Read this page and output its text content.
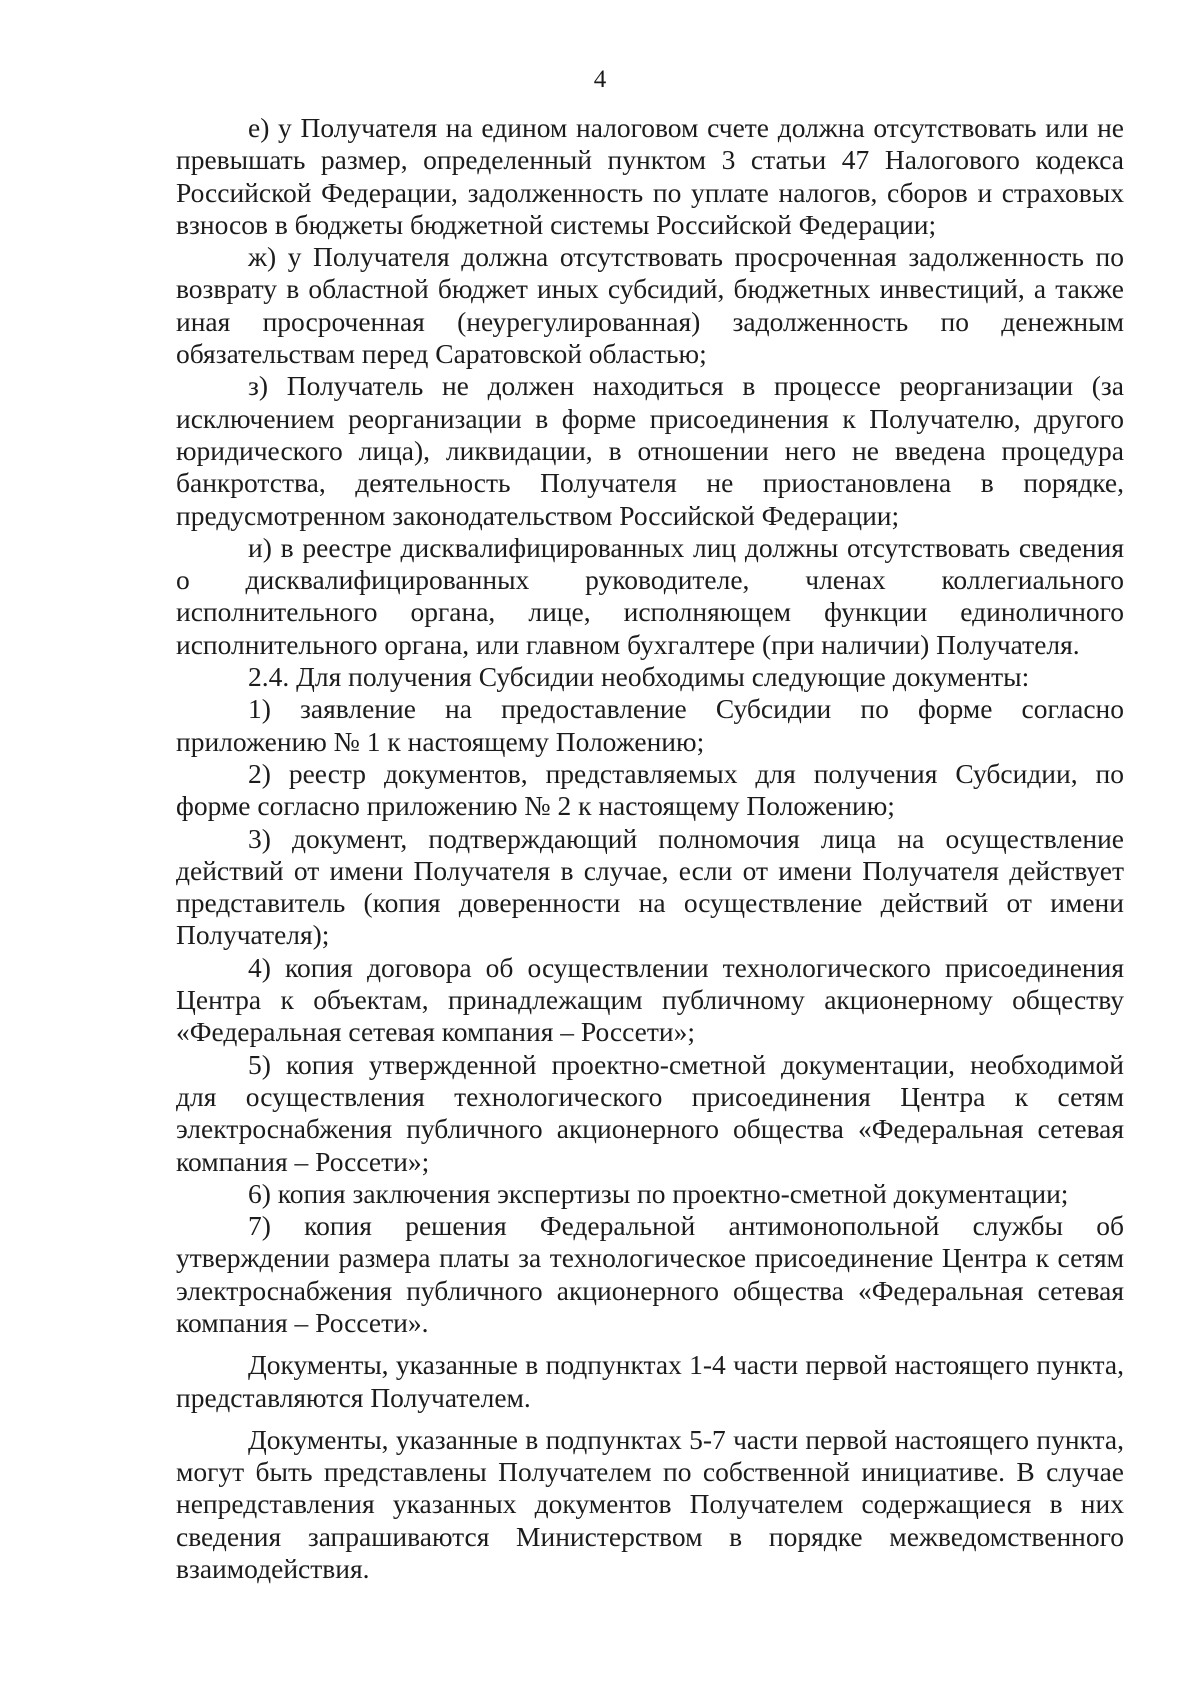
4

е) у Получателя на едином налоговом счете должна отсутствовать или не превышать размер, определенный пунктом 3 статьи 47 Налогового кодекса Российской Федерации, задолженность по уплате налогов, сборов и страховых взносов в бюджеты бюджетной системы Российской Федерации;

ж) у Получателя должна отсутствовать просроченная задолженность по возврату в областной бюджет иных субсидий, бюджетных инвестиций, а также иная просроченная (неурегулированная) задолженность по денежным обязательствам перед Саратовской областью;

з) Получатель не должен находиться в процессе реорганизации (за исключением реорганизации в форме присоединения к Получателю, другого юридического лица), ликвидации, в отношении него не введена процедура банкротства, деятельность Получателя не приостановлена в порядке, предусмотренном законодательством Российской Федерации;

и) в реестре дисквалифицированных лиц должны отсутствовать сведения о дисквалифицированных руководителе, членах коллегиального исполнительного органа, лице, исполняющем функции единоличного исполнительного органа, или главном бухгалтере (при наличии) Получателя.

2.4. Для получения Субсидии необходимы следующие документы:

1) заявление на предоставление Субсидии по форме согласно приложению № 1 к настоящему Положению;

2) реестр документов, представляемых для получения Субсидии, по форме согласно приложению № 2 к настоящему Положению;

3) документ, подтверждающий полномочия лица на осуществление действий от имени Получателя в случае, если от имени Получателя действует представитель (копия доверенности на осуществление действий от имени Получателя);

4) копия договора об осуществлении технологического присоединения Центра к объектам, принадлежащим публичному акционерному обществу «Федеральная сетевая компания – Россети»;

5) копия утвержденной проектно-сметной документации, необходимой для осуществления технологического присоединения Центра к сетям электроснабжения публичного акционерного общества «Федеральная сетевая компания – Россети»;

6) копия заключения экспертизы по проектно-сметной документации;

7) копия решения Федеральной антимонопольной службы об утверждении размера платы за технологическое присоединение Центра к сетям электроснабжения публичного акционерного общества «Федеральная сетевая компания – Россети».

Документы, указанные в подпунктах 1-4 части первой настоящего пункта, представляются Получателем.

Документы, указанные в подпунктах 5-7 части первой настоящего пункта, могут быть представлены Получателем по собственной инициативе. В случае непредставления указанных документов Получателем содержащиеся в них сведения запрашиваются Министерством в порядке межведомственного взаимодействия.
